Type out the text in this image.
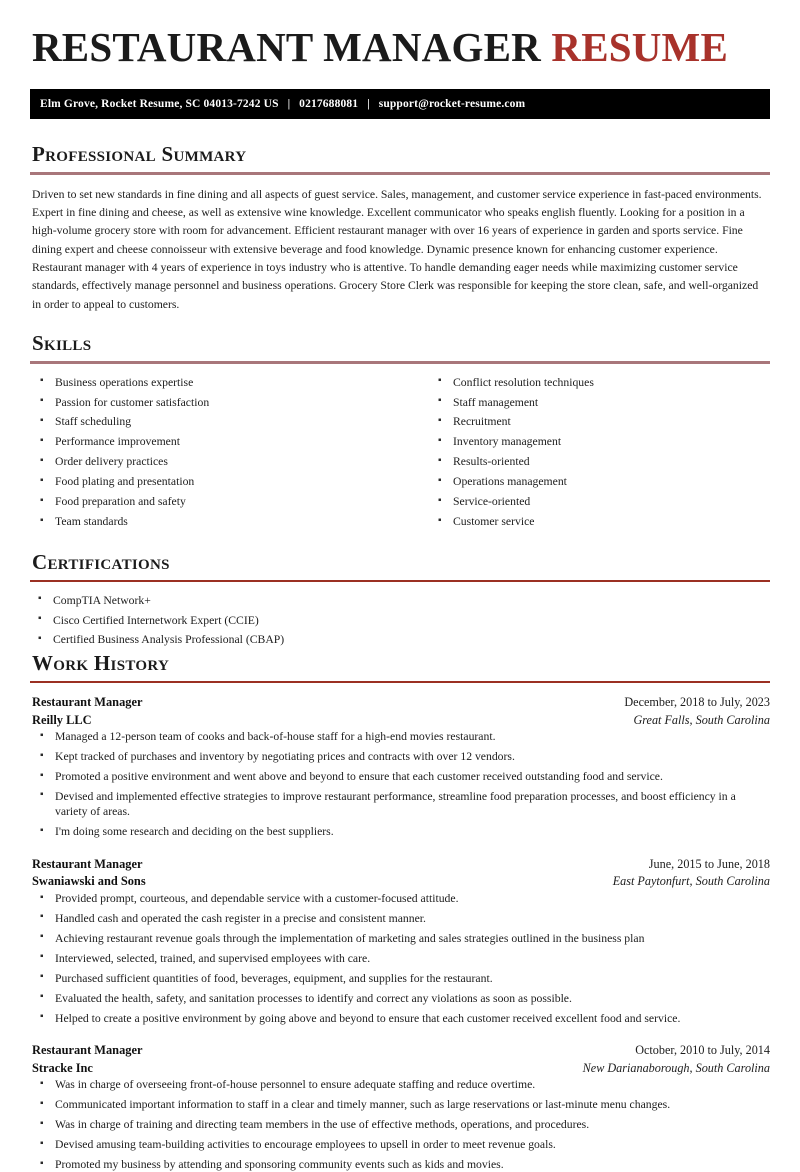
RESTAURANT MANAGER RESUME
Elm Grove, Rocket Resume, SC 04013-7242 US | 0217688081 | support@rocket-resume.com
Professional Summary

Driven to set new standards in fine dining and all aspects of guest service. Sales, management, and customer service experience in fast-paced environments. Expert in fine dining and cheese, as well as extensive wine knowledge. Excellent communicator who speaks english fluently. Looking for a position in a high-volume grocery store with room for advancement. Efficient restaurant manager with over 16 years of experience in garden and sports service. Fine dining expert and cheese connoisseur with extensive beverage and food knowledge. Dynamic presence known for enhancing customer experience. Restaurant manager with 4 years of experience in toys industry who is attentive. To handle demanding eager needs while maximizing customer service standards, effectively manage personnel and business operations. Grocery Store Clerk was responsible for keeping the store clean, safe, and well-organized in order to appeal to customers.

Skills
▪ Business operations expertise
▪ Passion for customer satisfaction
▪ Staff scheduling
▪ Performance improvement
▪ Order delivery practices
▪ Food plating and presentation
▪ Food preparation and safety
▪ Team standards
▪ Conflict resolution techniques
▪ Staff management
▪ Recruitment
▪ Inventory management
▪ Results-oriented
▪ Operations management
▪ Service-oriented
▪ Customer service
Certifications
▪ CompTIA Network+
▪ Cisco Certified Internetwork Expert (CCIE)
▪ Certified Business Analysis Professional (CBAP)
Work History
Restaurant Manager	December, 2018 to July, 2023
Reilly LLC	Great Falls, South Carolina
▪ Managed a 12-person team of cooks and back-of-house staff for a high-end movies restaurant.
▪ Kept tracked of purchases and inventory by negotiating prices and contracts with over 12 vendors.
▪ Promoted a positive environment and went above and beyond to ensure that each customer received outstanding food and service.
▪ Devised and implemented effective strategies to improve restaurant performance, streamline food preparation processes, and boost efficiency in a variety of areas.
▪ I'm doing some research and deciding on the best suppliers.
Restaurant Manager	June, 2015 to June, 2018
Swaniawski and Sons	East Paytonfurt, South Carolina
▪ Provided prompt, courteous, and dependable service with a customer-focused attitude.
▪ Handled cash and operated the cash register in a precise and consistent manner.
▪ Achieving restaurant revenue goals through the implementation of marketing and sales strategies outlined in the business plan
▪ Interviewed, selected, trained, and supervised employees with care.
▪ Purchased sufficient quantities of food, beverages, equipment, and supplies for the restaurant.
▪ Evaluated the health, safety, and sanitation processes to identify and correct any violations as soon as possible.
▪ Helped to create a positive environment by going above and beyond to ensure that each customer received excellent food and service.
Restaurant Manager	October, 2010 to July, 2014
Stracke Inc	New Darianaborough, South Carolina
▪ Was in charge of overseeing front-of-house personnel to ensure adequate staffing and reduce overtime.
▪ Communicated important information to staff in a clear and timely manner, such as large reservations or last-minute menu changes.
▪ Was in charge of training and directing team members in the use of effective methods, operations, and procedures.
▪ Devised amusing team-building activities to encourage employees to upsell in order to meet revenue goals.
▪ Promoted my business by attending and sponsoring community events such as kids and movies.
